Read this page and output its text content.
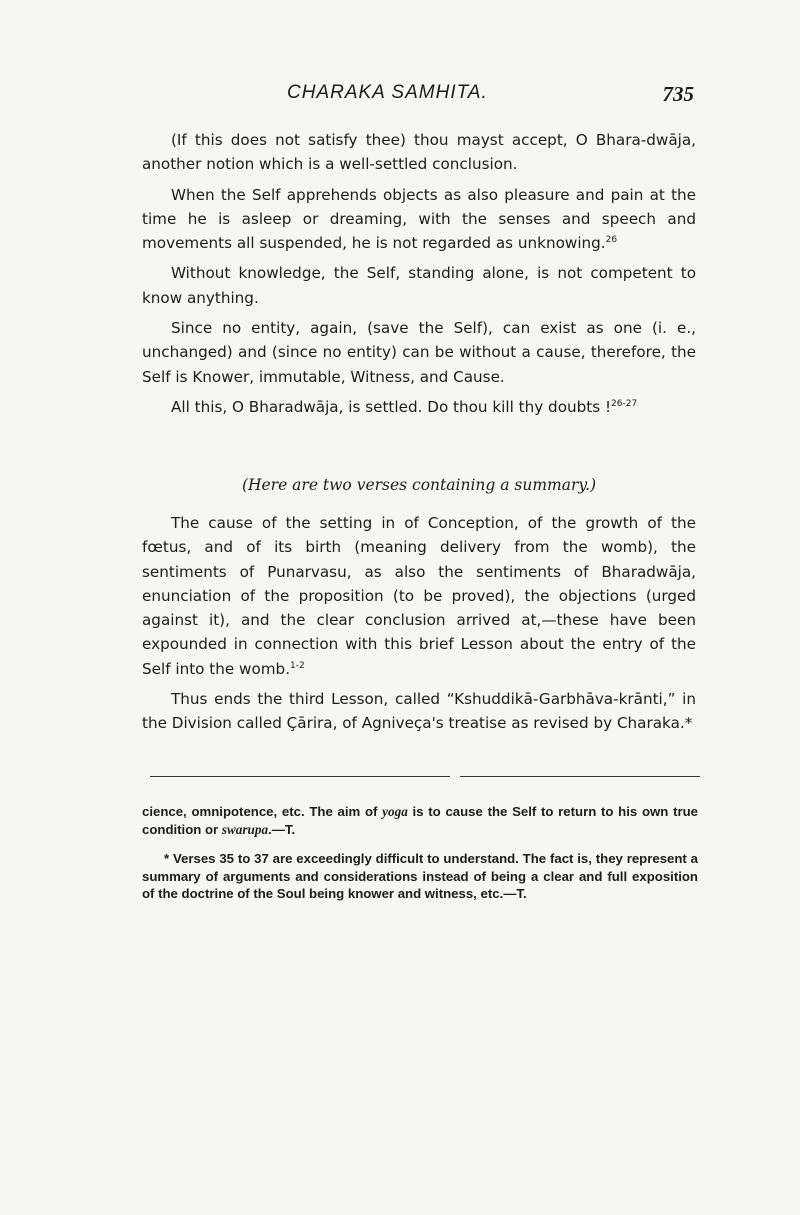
CHARAKA SAMHITA.	735

(If this does not satisfy thee) thou mayst accept, O Bhara-dwāja, another notion which is a well-settled conclusion.

When the Self apprehends objects as also pleasure and pain at the time he is asleep or dreaming, with the senses and speech and movements all suspended, he is not regarded as unknowing.$^{26}$

Without knowledge, the Self, standing alone, is not competent to know anything.

Since no entity, again, (save the Self), can exist as one (i. e., unchanged) and (since no entity) can be without a cause, therefore, the Self is Knower, immutable, Witness, and Cause.

All this, O Bharadwāja, is settled. Do thou kill thy doubts !$^{26-27}$

(Here are two verses containing a summary.)

The cause of the setting in of Conception, of the growth of the fœtus, and of its birth (meaning delivery from the womb), the sentiments of Punarvasu, as also the sentiments of Bharadwāja, enunciation of the proposition (to be proved), the objections (urged against it), and the clear conclusion arrived at,—these have been expounded in connection with this brief Lesson about the entry of the Self into the womb.$^{1-2}$

Thus ends the third Lesson, called “Kshuddikā-Garbhāva-krānti,” in the Division called Çārira, of Agniveça's treatise as revised by Charaka.*

cience, omnipotence, etc. The aim of yoga is to cause the Self to return to his own true condition or swarupa.—T.

* Verses 35 to 37 are exceedingly difficult to understand. The fact is, they represent a summary of arguments and considerations instead of being a clear and full exposition of the doctrine of the Soul being knower and witness, etc.—T.
